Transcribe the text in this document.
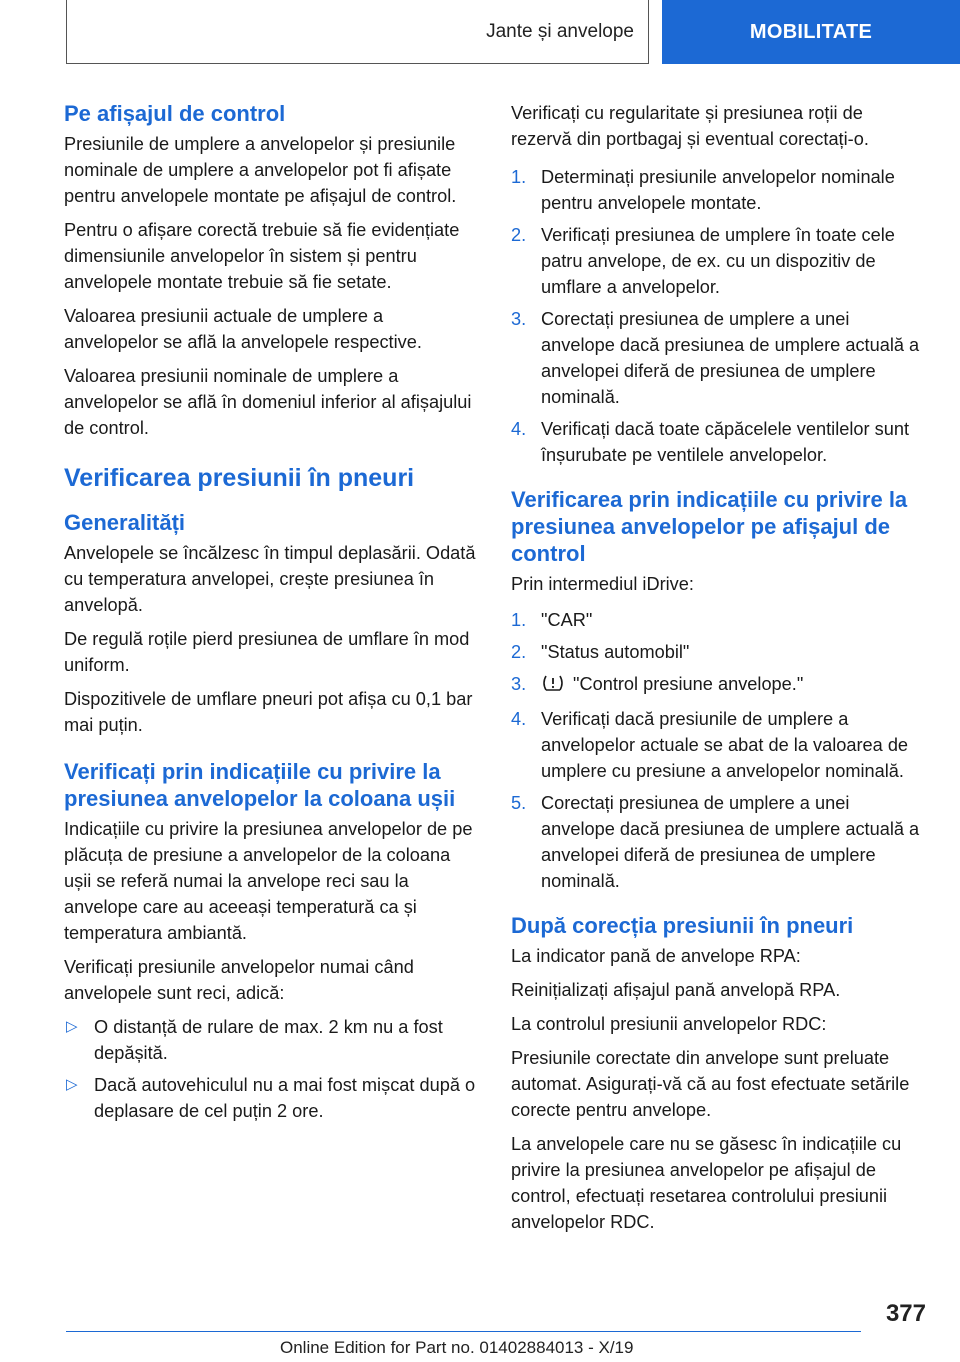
Jante și anvelope	MOBILITATE
Pe afișajul de control

Presiunile de umplere a anvelopelor și presiunile nominale de umplere a anvelopelor pot fi afișate pentru anvelopele montate pe afișajul de control.

Pentru o afișare corectă trebuie să fie evidențiate dimensiunile anvelopelor în sistem și pentru anvelopele montate trebuie să fie setate.

Valoarea presiunii actuale de umplere a anvelopelor se află la anvelopele respective.

Valoarea presiunii nominale de umplere a anvelopelor se află în domeniul inferior al afișajului de control.

Verificarea presiunii în pneuri
Generalități

Anvelopele se încălzesc în timpul deplasării. Odată cu temperatura anvelopei, crește presiunea în anvelopă.

De regulă roțile pierd presiunea de umflare în mod uniform.

Dispozitivele de umflare pneuri pot afișa cu 0,1 bar mai puțin.

Verificați prin indicațiile cu privire la presiunea anvelopelor la coloana ușii

Indicațiile cu privire la presiunea anvelopelor de pe plăcuța de presiune a anvelopelor de la coloana ușii se referă numai la anvelope reci sau la anvelope care au aceeași temperatură ca și temperatura ambiantă.

Verificați presiunile anvelopelor numai când anvelopele sunt reci, adică:

▷ O distanță de rulare de max. 2 km nu a fost depășită.
▷ Dacă autovehiculul nu a mai fost mișcat după o deplasare de cel puțin 2 ore.

Verificați cu regularitate și presiunea roții de rezervă din portbagaj și eventual corectați-o.

1. Determinați presiunile anvelopelor nominale pentru anvelopele montate.
2. Verificați presiunea de umplere în toate cele patru anvelope, de ex. cu un dispozitiv de umflare a anvelopelor.
3. Corectați presiunea de umplere a unei anvelope dacă presiunea de umplere actuală a anvelopei diferă de presiunea de umplere nominală.
4. Verificați dacă toate căpăcelele ventilelor sunt înșurubate pe ventilele anvelopelor.
Verificarea prin indicațiile cu privire la presiunea anvelopelor pe afișajul de control

Prin intermediul iDrive:

1. "CAR"
2. "Status automobil"
3.	"Control presiune anvelope."
4. Verificați dacă presiunile de umplere a anvelopelor actuale se abat de la valoarea de umplere cu presiune a anvelopelor nominală.
5. Corectați presiunea de umplere a unei anvelope dacă presiunea de umplere actuală a anvelopei diferă de presiunea de umplere nominală.
După corecția presiunii în pneuri

La indicator pană de anvelope RPA:

Reinițializați afișajul pană anvelopă RPA.

La controlul presiunii anvelopelor RDC:

Presiunile corectate din anvelope sunt preluate automat. Asigurați-vă că au fost efectuate setările corecte pentru anvelope.

La anvelopele care nu se găsesc în indicațiile cu privire la presiunea anvelopelor pe afișajul de control, efectuați resetarea controlului presiunii anvelopelor RDC.

377
Online Edition for Part no. 01402884013 - X/19
